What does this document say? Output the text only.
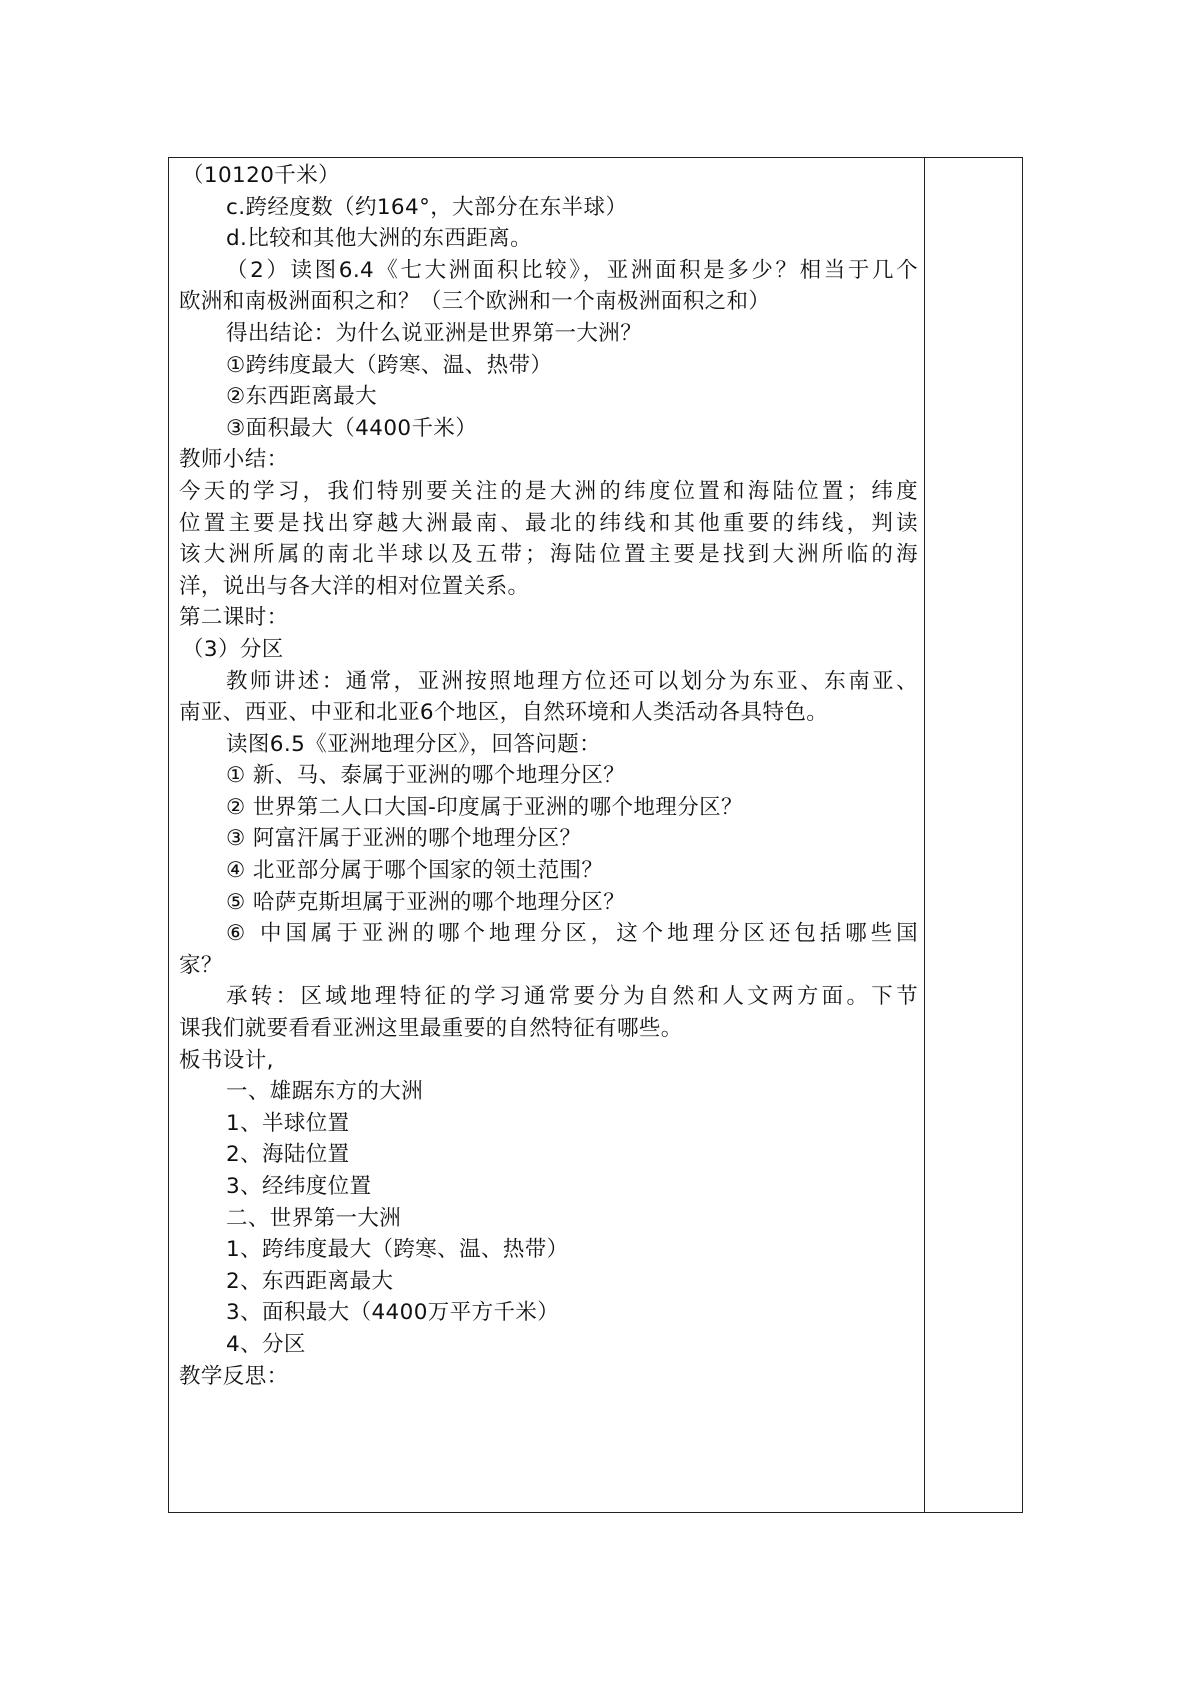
（10120千米）
c.跨经度数（约164°，大部分在东半球）
d.比较和其他大洲的东西距离。
（2）读图6.4《七大洲面积比较》，亚洲面积是多少？相当于几个
欧洲和南极洲面积之和？（三个欧洲和一个南极洲面积之和）
得出结论：为什么说亚洲是世界第一大洲？
①跨纬度最大（跨寒、温、热带）
②东西距离最大
③面积最大（4400千米）
教师小结：
今天的学习，我们特别要关注的是大洲的纬度位置和海陆位置；纬度
位置主要是找出穿越大洲最南、最北的纬线和其他重要的纬线，判读
该大洲所属的南北半球以及五带；海陆位置主要是找到大洲所临的海
洋，说出与各大洋的相对位置关系。
第二课时：
（3）分区
教师讲述：通常，亚洲按照地理方位还可以划分为东亚、东南亚、
南亚、西亚、中亚和北亚6个地区，自然环境和人类活动各具特色。
读图6.5《亚洲地理分区》，回答问题：
① 新、马、泰属于亚洲的哪个地理分区？
② 世界第二人口大国-印度属于亚洲的哪个地理分区？
③ 阿富汗属于亚洲的哪个地理分区？
④ 北亚部分属于哪个国家的领土范围？
⑤ 哈萨克斯坦属于亚洲的哪个地理分区？
⑥ 中国属于亚洲的哪个地理分区，这个地理分区还包括哪些国
家？
承转：区域地理特征的学习通常要分为自然和人文两方面。下节
课我们就要看看亚洲这里最重要的自然特征有哪些。
板书设计,
一、雄踞东方的大洲
1、半球位置
2、海陆位置
3、经纬度位置
二、世界第一大洲
1、跨纬度最大（跨寒、温、热带）
2、东西距离最大
3、面积最大（4400万平方千米）
4、分区
教学反思：
